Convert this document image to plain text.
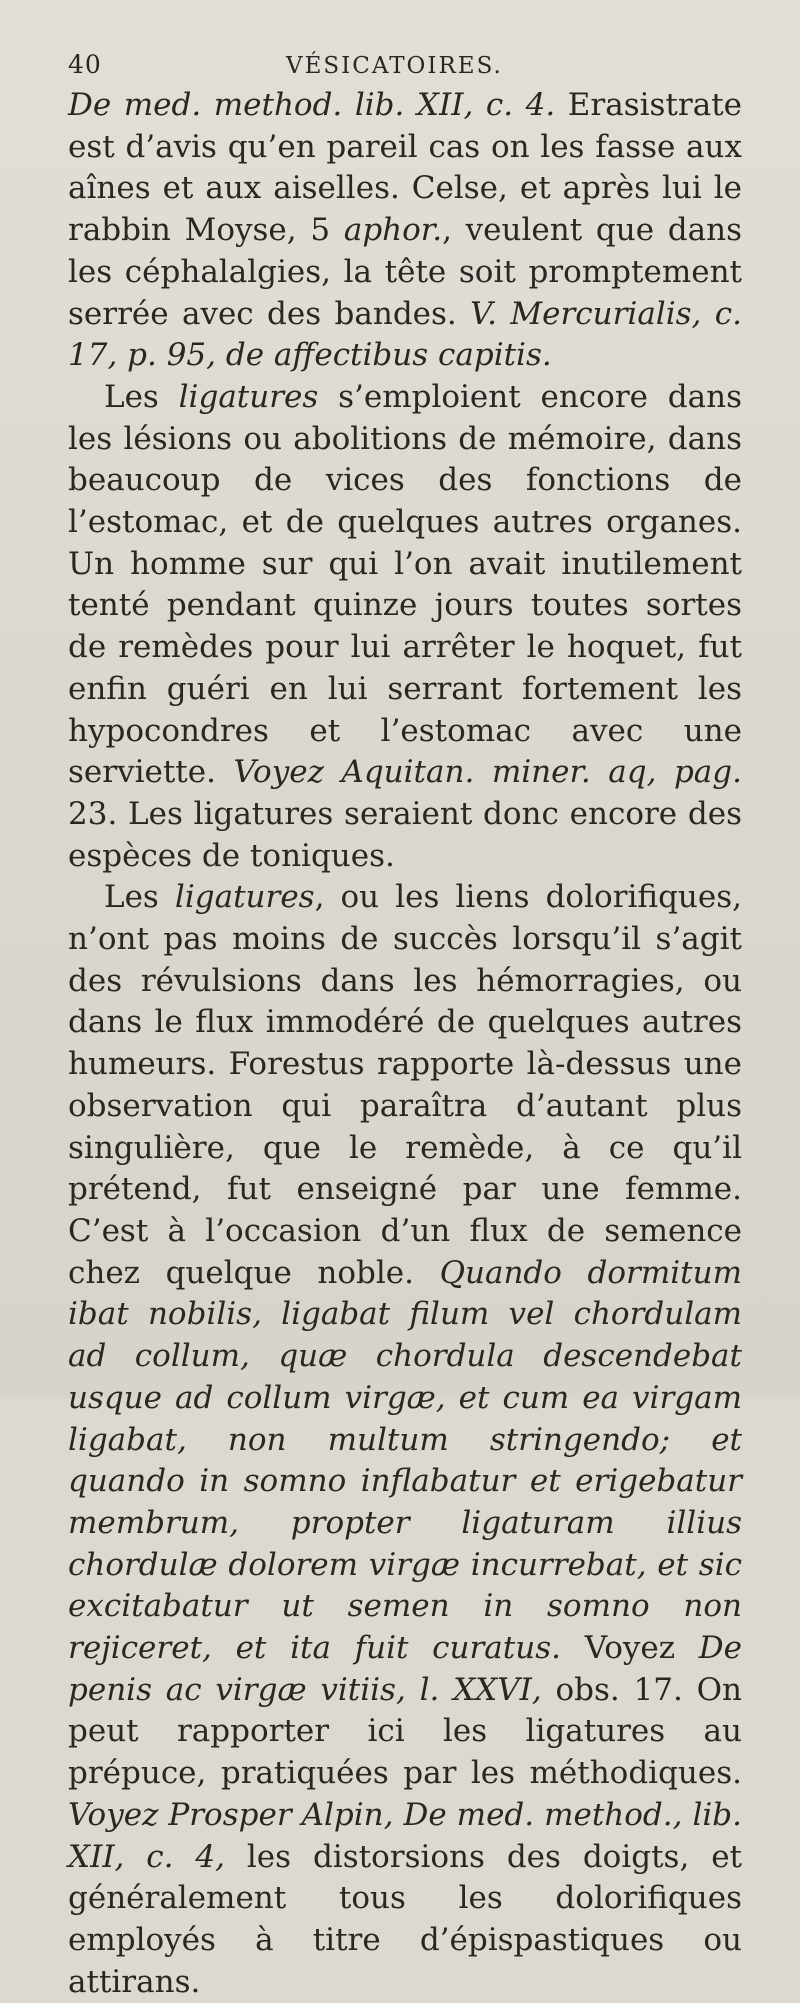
40	VÉSICATOIRES.

De med. method. lib. XII, c. 4. Erasistrate est d’avis qu’en pareil cas on les fasse aux aînes et aux aiselles. Celse, et après lui le rabbin Moyse, 5 aphor., veulent que dans les céphalalgies, la tête soit promptement serrée avec des bandes. V. Mercurialis, c. 17, p. 95, de affectibus capitis.

Les ligatures s’emploient encore dans les lésions ou abolitions de mémoire, dans beaucoup de vices des fonctions de l’estomac, et de quelques autres organes. Un homme sur qui l’on avait inutilement tenté pendant quinze jours toutes sortes de remèdes pour lui arrêter le hoquet, fut enfin guéri en lui serrant fortement les hypocondres et l’estomac avec une serviette. Voyez Aquitan. miner. aq, pag. 23. Les ligatures seraient donc encore des espèces de toniques.

Les ligatures, ou les liens dolorifiques, n’ont pas moins de succès lorsqu’il s’agit des révulsions dans les hémorragies, ou dans le flux immodéré de quelques autres humeurs. Forestus rapporte là-dessus une observation qui paraîtra d’autant plus singulière, que le remède, à ce qu’il prétend, fut enseigné par une femme. C’est à l’occasion d’un flux de semence chez quelque noble. Quando dormitum ibat nobilis, ligabat filum vel chordulam ad collum, quæ chordula descendebat usque ad collum virgæ, et cum ea virgam ligabat, non multum stringendo; et quando in somno inflabatur et erigebatur membrum, propter ligaturam illius chordulæ dolorem virgæ incurrebat, et sic excitabatur ut semen in somno non rejiceret, et ita fuit curatus. Voyez De penis ac virgæ vitiis, l. XXVI, obs. 17. On peut rapporter ici les ligatures au prépuce, pratiquées par les méthodiques. Voyez Prosper Alpin, De med. method., lib. XII, c. 4, les distorsions des doigts, et généralement tous les dolorifiques employés à titre d’épispastiques ou attirans.
